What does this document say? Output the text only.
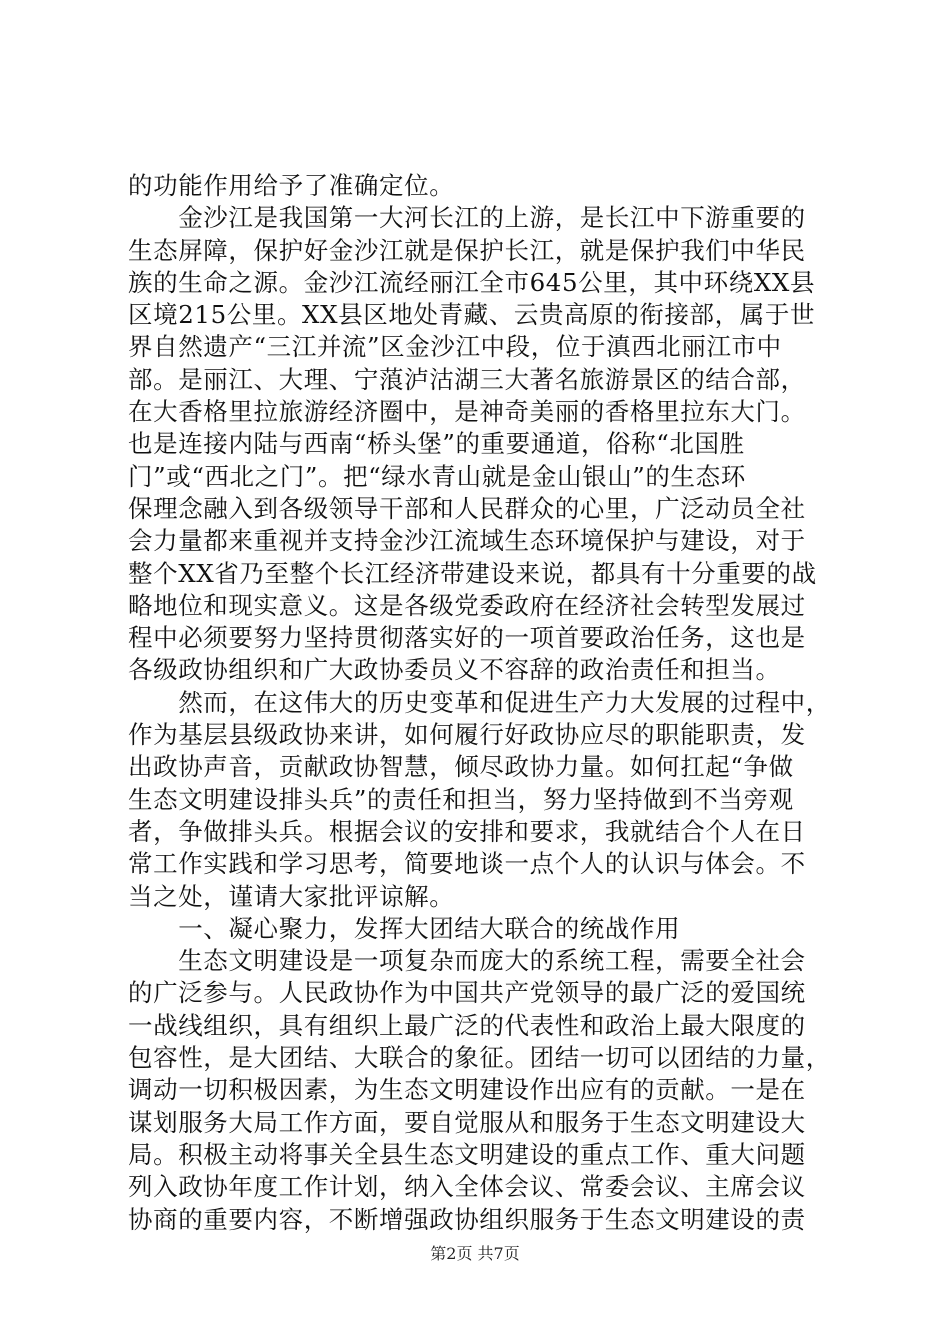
的功能作用给予了准确定位。
　　金沙江是我国第一大河长江的上游，是长江中下游重要的
生态屏障，保护好金沙江就是保护长江，就是保护我们中华民
族的生命之源。金沙江流经丽江全市645公里，其中环绕XX县
区境215公里。XX县区地处青藏、云贵高原的衔接部，属于世
界自然遗产“三江并流”区金沙江中段，位于滇西北丽江市中
部。是丽江、大理、宁蒗泸沽湖三大著名旅游景区的结合部，
在大香格里拉旅游经济圈中，是神奇美丽的香格里拉东大门。
也是连接内陆与西南“桥头堡”的重要通道，俗称“北国胜
门”或“西北之门”。把“绿水青山就是金山银山”的生态环
保理念融入到各级领导干部和人民群众的心里，广泛动员全社
会力量都来重视并支持金沙江流域生态环境保护与建设，对于
整个XX省乃至整个长江经济带建设来说，都具有十分重要的战
略地位和现实意义。这是各级党委政府在经济社会转型发展过
程中必须要努力坚持贯彻落实好的一项首要政治任务，这也是
各级政协组织和广大政协委员义不容辞的政治责任和担当。
　　然而，在这伟大的历史变革和促进生产力大发展的过程中，
作为基层县级政协来讲，如何履行好政协应尽的职能职责，发
出政协声音，贡献政协智慧，倾尽政协力量。如何扛起“争做
生态文明建设排头兵”的责任和担当，努力坚持做到不当旁观
者，争做排头兵。根据会议的安排和要求，我就结合个人在日
常工作实践和学习思考，简要地谈一点个人的认识与体会。不
当之处，谨请大家批评谅解。
　　一、凝心聚力，发挥大团结大联合的统战作用
　　生态文明建设是一项复杂而庞大的系统工程，需要全社会
的广泛参与。人民政协作为中国共产党领导的最广泛的爱国统
一战线组织，具有组织上最广泛的代表性和政治上最大限度的
包容性，是大团结、大联合的象征。团结一切可以团结的力量，
调动一切积极因素，为生态文明建设作出应有的贡献。一是在
谋划服务大局工作方面，要自觉服从和服务于生态文明建设大
局。积极主动将事关全县生态文明建设的重点工作、重大问题
列入政协年度工作计划，纳入全体会议、常委会议、主席会议
协商的重要内容，不断增强政协组织服务于生态文明建设的责
第2页 共7页
